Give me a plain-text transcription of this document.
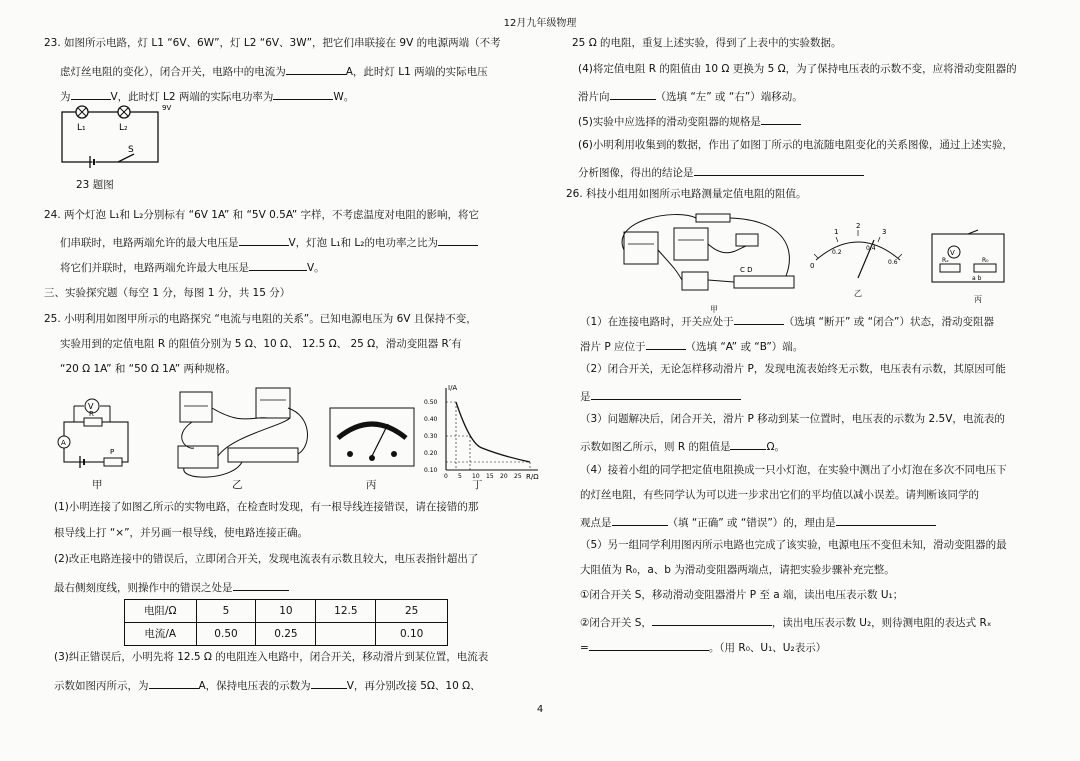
12月九年级物理
23. 如图所示电路，灯 L1 “6V、6W”，灯 L2 “6V、3W”，把它们串联接在 9V 的电源两端（不考
虑灯丝电阻的变化），闭合开关，电路中的电流为	A，此时灯 L1 两端的实际电压
为	V，此时灯 L2 两端的实际电功率为	W。
L₁	L₂
9V
S
23 题图
24. 两个灯泡 L₁和 L₂分别标有 “6V 1A” 和 “5V 0.5A” 字样，不考虑温度对电阻的影响，将它
们串联时，电路两端允许的最大电压是	V，灯泡 L₁和 L₂的电功率之比为
将它们并联时，电路两端允许最大电压是	V。
三、实验探究题（每空 1 分，每图 1 分，共 15 分）
25. 小明利用如图甲所示的电路探究 “电流与电阻的关系”。已知电源电压为 6V 且保持不变，
实验用到的定值电阻 R 的阻值分别为 5 Ω、10 Ω、 12.5 Ω、 25 Ω，滑动变阻器 R′有
“20 Ω 1A” 和 “50 Ω 1A” 两种规格。
V
R
A
P
甲	乙	丙
I/A
R/Ω
0.50
0.40
0.30
0.20
0.10
0 5 10 15 20 25
丁
(1)小明连接了如图乙所示的实物电路，在检查时发现，有一根导线连接错误，请在接错的那
根导线上打 “×”，并另画一根导线，使电路连接正确。
(2)改正电路连接中的错误后，立即闭合开关，发现电流表有示数且较大，电压表指针超出了
最右侧刻度线，则操作中的错误之处是
电阻/Ω	5	10	12.5	25
电流/A	0.50	0.25		0.10
(3)纠正错误后，小明先将 12.5 Ω 的电阻连入电路中，闭合开关，移动滑片到某位置，电流表
示数如图丙所示，为	A，保持电压表的示数为	V，再分别改接 5Ω、10 Ω、
25 Ω 的电阻，重复上述实验，得到了上表中的实验数据。
(4)将定值电阻 R 的阻值由 10 Ω 更换为 5 Ω，为了保持电压表的示数不变，应将滑动变阻器的
滑片向	（选填 “左” 或 “右”）端移动。
(5)实验中应选择的滑动变阻器的规格是
(6)小明利用收集到的数据，作出了如图丁所示的电流随电阻变化的关系图像，通过上述实验，
分析图像，得出的结论是
26. 科技小组用如图所示电路测量定值电阻的阻值。
C D
甲
0
1
2
3
0.2
0.4
0.6
乙
V
Rₓ	R₀
a b
丙
（1）在连接电路时，开关应处于	（选填 “断开” 或 “闭合”）状态，滑动变阻器
滑片 P 应位于	（选填 “A” 或 “B”）端。
（2）闭合开关，无论怎样移动滑片 P，发现电流表始终无示数，电压表有示数，其原因可能
是
（3）问题解决后，闭合开关，滑片 P 移动到某一位置时，电压表的示数为 2.5V，电流表的
示数如图乙所示，则 R 的阻值是	Ω。
（4）接着小组的同学把定值电阻换成一只小灯泡，在实验中测出了小灯泡在多次不同电压下
的灯丝电阻，有些同学认为可以进一步求出它们的平均值以减小误差。请判断该同学的
观点是	（填 “正确” 或 “错误”）的，理由是
（5）另一组同学利用图丙所示电路也完成了该实验，电源电压不变但未知，滑动变阻器的最
大阻值为 R₀，a、b 为滑动变阻器两端点，请把实验步骤补充完整。
①闭合开关 S，移动滑动变阻器滑片 P 至 a 端，读出电压表示数 U₁；
②闭合开关 S，	，读出电压表示数 U₂，则待测电阻的表达式 Rₓ
=	。（用 R₀、U₁、U₂表示）
4
